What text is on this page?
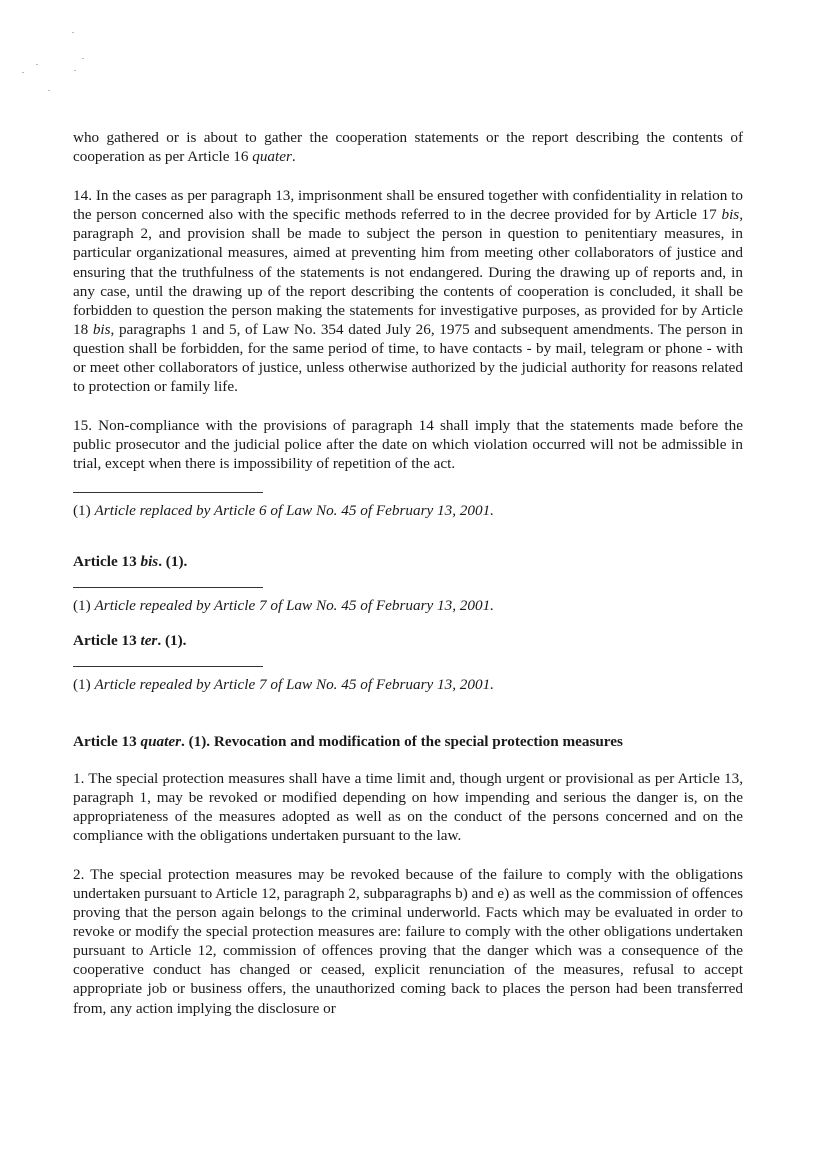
who gathered or is about to gather the cooperation statements or the report describing the contents of cooperation as per Article 16 quater.

14. In the cases as per paragraph 13, imprisonment shall be ensured together with confidentiality in relation to the person concerned also with the specific methods referred to in the decree provided for by Article 17 bis, paragraph 2, and provision shall be made to subject the person in question to penitentiary measures, in particular organizational measures, aimed at preventing him from meeting other collaborators of justice and ensuring that the truthfulness of the statements is not endangered. During the drawing up of reports and, in any case, until the drawing up of the report describing the contents of cooperation is concluded, it shall be forbidden to question the person making the statements for investigative purposes, as provided for by Article 18 bis, paragraphs 1 and 5, of Law No. 354 dated July 26, 1975 and subsequent amendments. The person in question shall be forbidden, for the same period of time, to have contacts - by mail, telegram or phone - with or meet other collaborators of justice, unless otherwise authorized by the judicial authority for reasons related to protection or family life.

15. Non-compliance with the provisions of paragraph 14 shall imply that the statements made before the public prosecutor and the judicial police after the date on which violation occurred will not be admissible in trial, except when there is impossibility of repetition of the act.

(1) Article replaced by Article 6 of Law No. 45 of February 13, 2001.

Article 13 bis. (1).

(1) Article repealed by Article 7 of Law No. 45 of February 13, 2001.

Article 13 ter. (1).

(1) Article repealed by Article 7 of Law No. 45 of February 13, 2001.

Article 13 quater. (1). Revocation and modification of the special protection measures

1. The special protection measures shall have a time limit and, though urgent or provisional as per Article 13, paragraph 1, may be revoked or modified depending on how impending and serious the danger is, on the appropriateness of the measures adopted as well as on the conduct of the persons concerned and on the compliance with the obligations undertaken pursuant to the law.

2. The special protection measures may be revoked because of the failure to comply with the obligations undertaken pursuant to Article 12, paragraph 2, subparagraphs b) and e) as well as the commission of offences proving that the person again belongs to the criminal underworld. Facts which may be evaluated in order to revoke or modify the special protection measures are: failure to comply with the other obligations undertaken pursuant to Article 12, commission of offences proving that the danger which was a consequence of the cooperative conduct has changed or ceased, explicit renunciation of the measures, refusal to accept appropriate job or business offers, the unauthorized coming back to places the person had been transferred from, any action implying the disclosure or
